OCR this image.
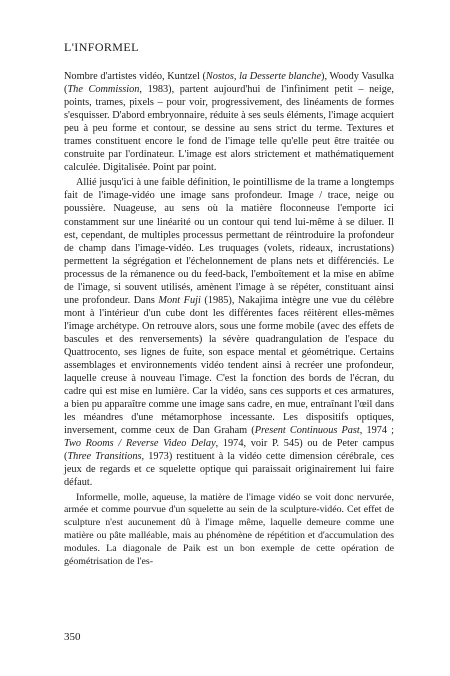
L'INFORMEL

Nombre d'artistes vidéo, Kuntzel (Nostos, la Desserte blanche), Woody Vasulka (The Commission, 1983), partent aujourd'hui de l'infiniment petit – neige, points, trames, pixels – pour voir, progressivement, des linéaments de formes s'esquisser. D'abord embryonnaire, réduite à ses seuls éléments, l'image acquiert peu à peu forme et contour, se dessine au sens strict du terme. Textures et trames constituent encore le fond de l'image telle qu'elle peut être traitée ou construite par l'ordinateur. L'image est alors strictement et mathématiquement calculée. Digitalisée. Point par point.

Allié jusqu'ici à une faible définition, le pointillisme de la trame a longtemps fait de l'image-vidéo une image sans profondeur. Image / trace, neige ou poussière. Nuageuse, au sens où la matière floconneuse l'emporte ici constamment sur une linéarité ou un contour qui tend lui-même à se diluer. Il est, cependant, de multiples processus permettant de réintroduire la profondeur de champ dans l'image-vidéo. Les truquages (volets, rideaux, incrustations) permettent la ségrégation et l'échelonnement de plans nets et différenciés. Le processus de la rémanence ou du feed-back, l'emboîtement et la mise en abîme de l'image, si souvent utilisés, amènent l'image à se répéter, constituant ainsi une profondeur. Dans Mont Fuji (1985), Nakajima intègre une vue du célèbre mont à l'intérieur d'un cube dont les différentes faces réitèrent elles-mêmes l'image archétype. On retrouve alors, sous une forme mobile (avec des effets de bascules et des renversements) la sévère quadrangulation de l'espace du Quattrocento, ses lignes de fuite, son espace mental et géométrique. Certains assemblages et environnements vidéo tendent ainsi à recréer une profondeur, laquelle creuse à nouveau l'image. C'est la fonction des bords de l'écran, du cadre qui est mise en lumière. Car la vidéo, sans ces supports et ces armatures, a bien pu apparaître comme une image sans cadre, en mue, entraînant l'œil dans les méandres d'une métamorphose incessante. Les dispositifs optiques, inversement, comme ceux de Dan Graham (Present Continuous Past, 1974 ; Two Rooms / Reverse Video Delay, 1974, voir P. 545) ou de Peter campus (Three Transitions, 1973) restituent à la vidéo cette dimension cérébrale, ces jeux de regards et ce squelette optique qui paraissait originairement lui faire défaut.

Informelle, molle, aqueuse, la matière de l'image vidéo se voit donc nervurée, armée et comme pourvue d'un squelette au sein de la sculpture-vidéo. Cet effet de sculpture n'est aucunement dû à l'image même, laquelle demeure comme une matière ou pâte malléable, mais au phénomène de répétition et d'accumulation des modules. La diagonale de Paik est un bon exemple de cette opération de géométrisation de l'es-

350
